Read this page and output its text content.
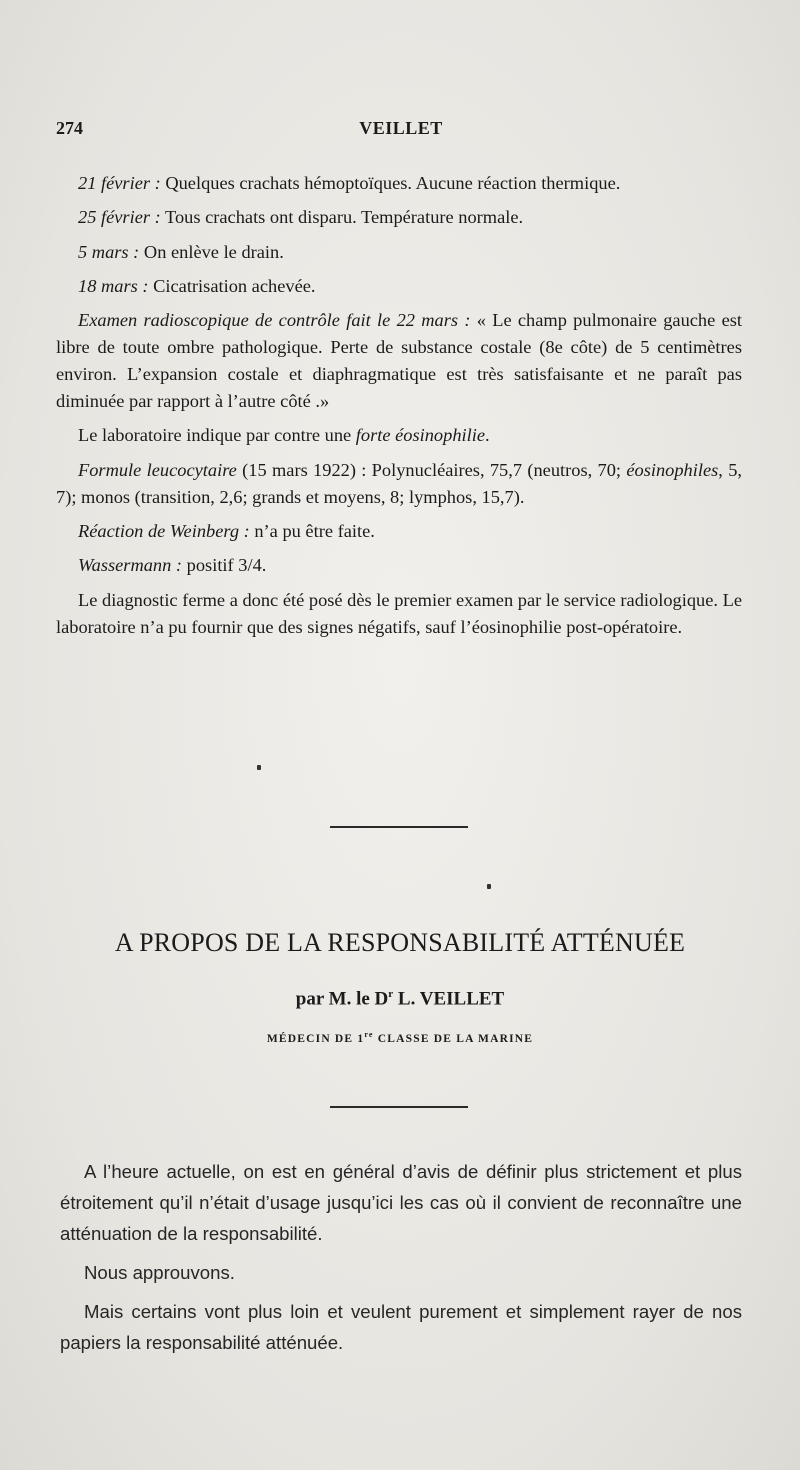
274	VEILLET

21 février : Quelques crachats hémoptoïques. Aucune réaction thermique.

25 février : Tous crachats ont disparu. Température normale.

5 mars : On enlève le drain.

18 mars : Cicatrisation achevée.

Examen radioscopique de contrôle fait le 22 mars : « Le champ pulmonaire gauche est libre de toute ombre pathologique. Perte de substance costale (8e côte) de 5 centimètres environ. L’expansion costale et diaphragmatique est très satisfaisante et ne paraît pas diminuée par rapport à l’autre côté .»

Le laboratoire indique par contre une forte éosinophilie.

Formule leucocytaire (15 mars 1922) : Polynucléaires, 75,7 (neutros, 70; éosinophiles, 5, 7); monos (transition, 2,6; grands et moyens, 8; lymphos, 15,7).

Réaction de Weinberg : n’a pu être faite.

Wassermann : positif 3/4.

Le diagnostic ferme a donc été posé dès le premier examen par le service radiologique. Le laboratoire n’a pu fournir que des signes négatifs, sauf l’éosinophilie post-opératoire.

A PROPOS DE LA RESPONSABILITÉ ATTÉNUÉE
par M. le $D^r$ L. VEILLET
MÉDECIN DE 1re CLASSE DE LA MARINE

A l’heure actuelle, on est en général d’avis de définir plus strictement et plus étroitement qu’il n’était d’usage jusqu’ici les cas où il convient de reconnaître une atténuation de la responsabilité.

Nous approuvons.

Mais certains vont plus loin et veulent purement et simplement rayer de nos papiers la responsabilité atténuée.
